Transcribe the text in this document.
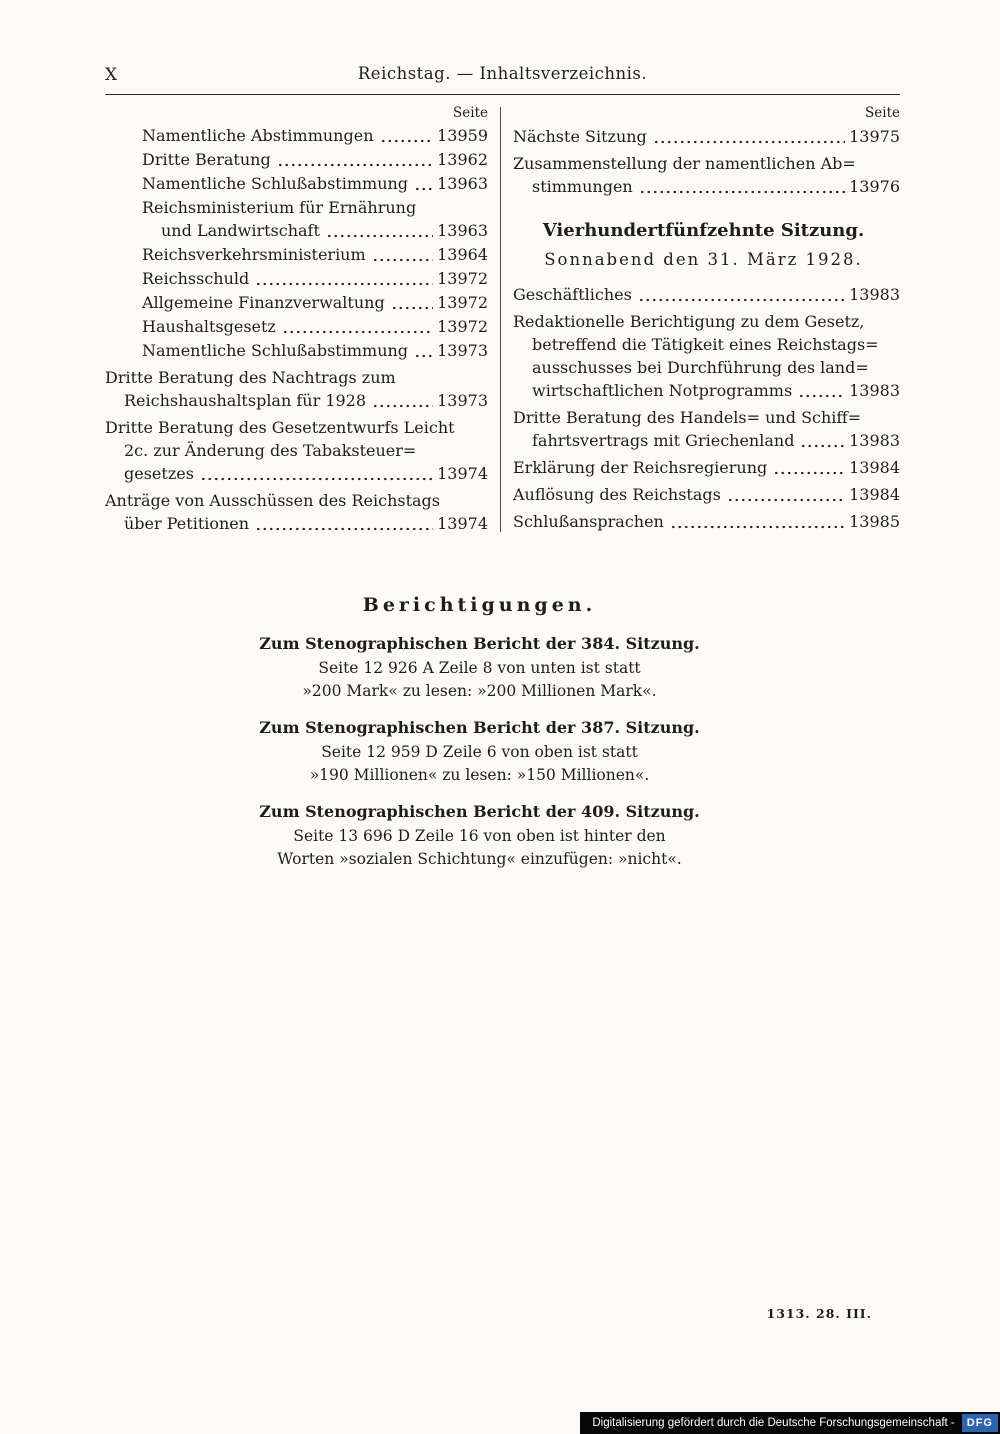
X	Reichstag. — Inhaltsverzeichnis.
Seite
Namentliche Abstimmungen	13959
Dritte Beratung	13962
Namentliche Schlußabstimmung 13963
Reichsministerium für Ernährung
und Landwirtschaft	13963
Reichsverkehrsministerium	13964
Reichsschuld	13972
Allgemeine Finanzverwaltung	13972
Haushaltsgesetz	13972
Namentliche Schlußabstimmung 13973
Dritte Beratung des Nachtrags zum
Reichshaushaltsplan für 1928	13973
Dritte Beratung des Gesetzentwurfs Leicht
2c. zur Änderung des Tabaksteuer=
gesetzes	13974
Anträge von Ausschüssen des Reichstags
über Petitionen	13974
Seite
Nächste Sitzung	13975
Zusammenstellung der namentlichen Ab=
stimmungen	13976
Vierhundertfünfzehnte Sitzung.
Sonnabend den 31. März 1928.
Geschäftliches	13983
Redaktionelle Berichtigung zu dem Gesetz,
betreffend die Tätigkeit eines Reichstags=
ausschusses bei Durchführung des land=
wirtschaftlichen Notprogramms	13983
Dritte Beratung des Handels= und Schiff=
fahrtsvertrags mit Griechenland	13983
Erklärung der Reichsregierung	13984
Auflösung des Reichstags	13984
Schlußansprachen	13985
Berichtigungen.
Zum Stenographischen Bericht der 384. Sitzung.
Seite 12 926 A Zeile 8 von unten ist statt
»200 Mark« zu lesen: »200 Millionen Mark«.
Zum Stenographischen Bericht der 387. Sitzung.
Seite 12 959 D Zeile 6 von oben ist statt
»190 Millionen« zu lesen: »150 Millionen«.
Zum Stenographischen Bericht der 409. Sitzung.
Seite 13 696 D Zeile 16 von oben ist hinter den
Worten »sozialen Schichtung« einzufügen: »nicht«.
1313. 28. III.
Digitalisierung gefördert durch die Deutsche Forschungsgemeinschaft -	DFG
